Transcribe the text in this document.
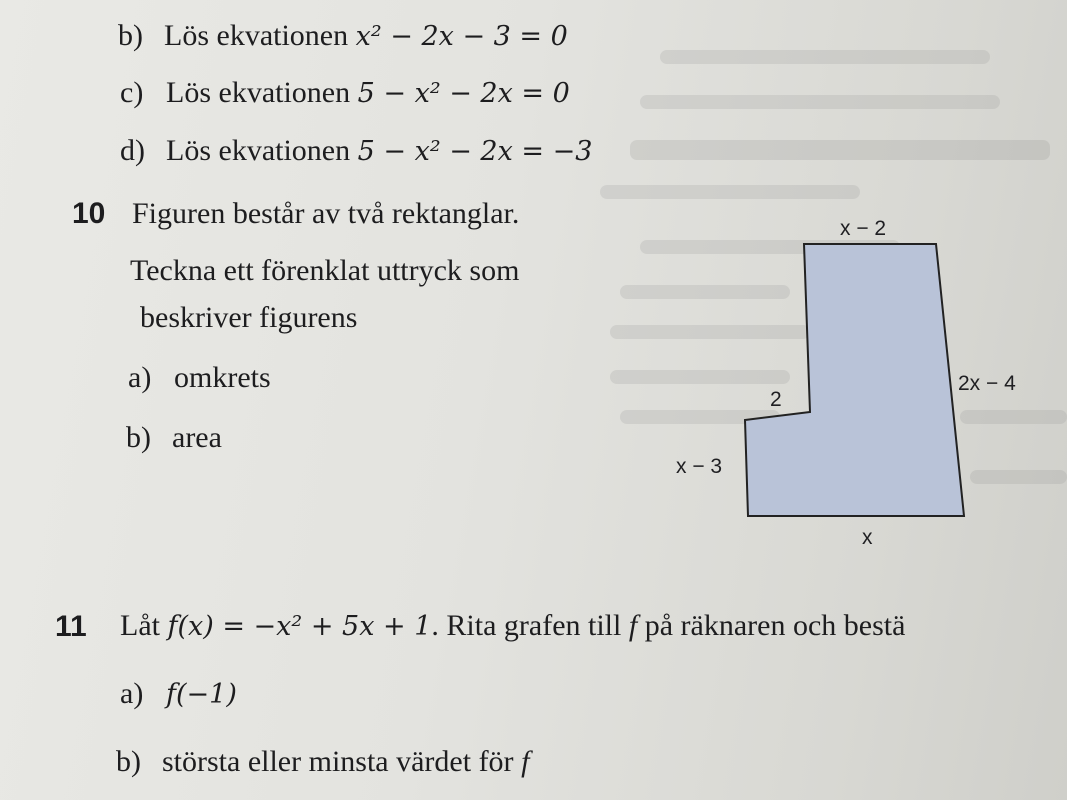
b) Lös ekvationen x² − 2x − 3 = 0
c) Lös ekvationen 5 − x² − 2x = 0
d) Lös ekvationen 5 − x² − 2x = −3
10 Figuren består av två rektanglar.
Teckna ett förenklat uttryck som
beskriver figurens
a) omkrets
b) area
x − 2
2x − 4
2
x − 3
x
11 Låt f(x) = −x² + 5x + 1. Rita grafen till f på räknaren och bestä
a) f(−1)
b) största eller minsta värdet för f
